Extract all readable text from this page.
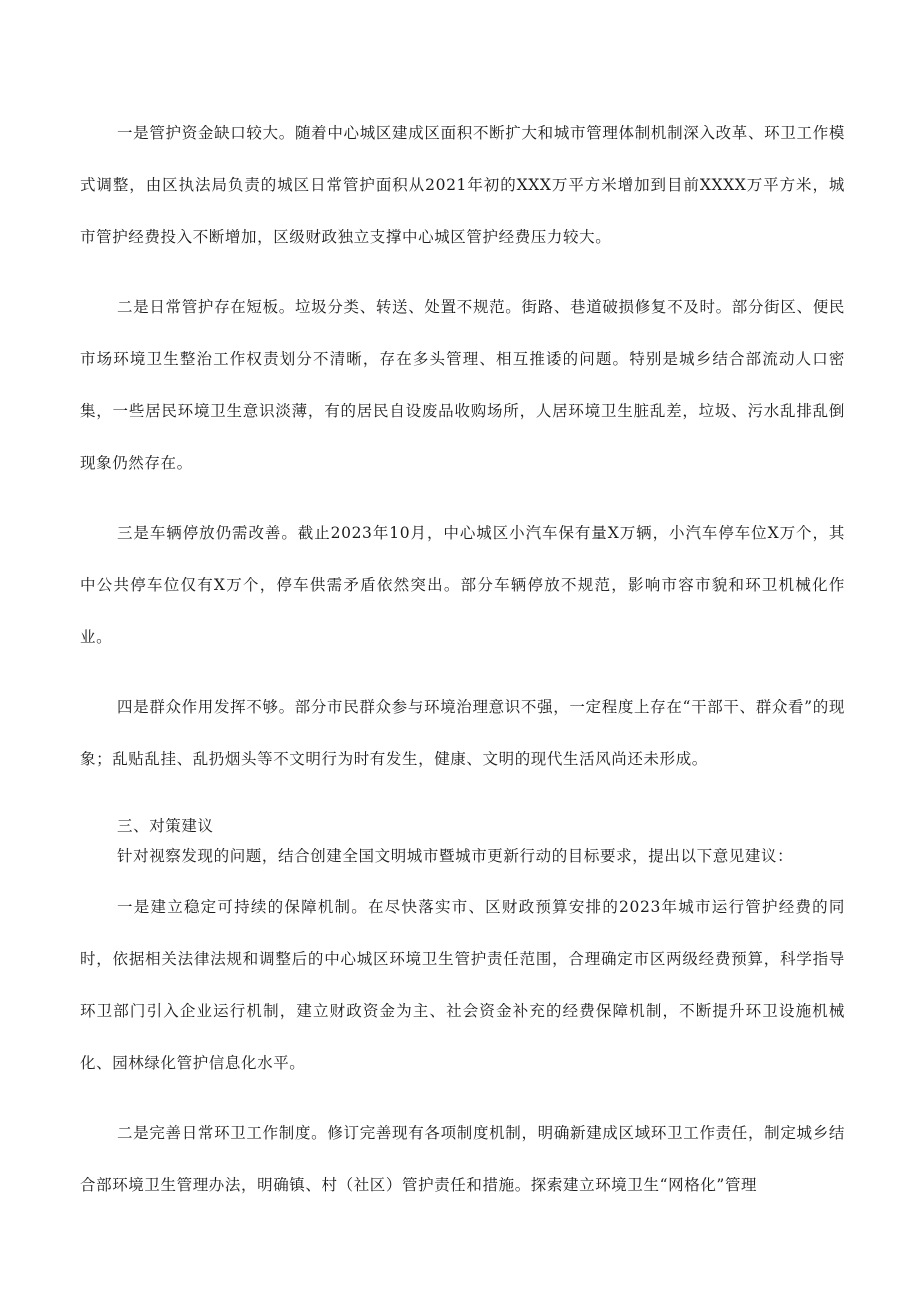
一是管护资金缺口较大。随着中心城区建成区面积不断扩大和城市管理体制机制深入改革、环卫工作模式调整，由区执法局负责的城区日常管护面积从2021年初的XXX万平方米增加到目前XXXX万平方米，城市管护经费投入不断增加，区级财政独立支撑中心城区管护经费压力较大。

二是日常管护存在短板。垃圾分类、转送、处置不规范。街路、巷道破损修复不及时。部分街区、便民市场环境卫生整治工作权责划分不清晰，存在多头管理、相互推诿的问题。特别是城乡结合部流动人口密集，一些居民环境卫生意识淡薄，有的居民自设废品收购场所，人居环境卫生脏乱差，垃圾、污水乱排乱倒现象仍然存在。

三是车辆停放仍需改善。截止2023年10月，中心城区小汽车保有量X万辆，小汽车停车位X万个，其中公共停车位仅有X万个，停车供需矛盾依然突出。部分车辆停放不规范，影响市容市貌和环卫机械化作业。

四是群众作用发挥不够。部分市民群众参与环境治理意识不强，一定程度上存在“干部干、群众看”的现象；乱贴乱挂、乱扔烟头等不文明行为时有发生，健康、文明的现代生活风尚还未形成。

三、对策建议

针对视察发现的问题，结合创建全国文明城市暨城市更新行动的目标要求，提出以下意见建议：

一是建立稳定可持续的保障机制。在尽快落实市、区财政预算安排的2023年城市运行管护经费的同时，依据相关法律法规和调整后的中心城区环境卫生管护责任范围，合理确定市区两级经费预算，科学指导环卫部门引入企业运行机制，建立财政资金为主、社会资金补充的经费保障机制，不断提升环卫设施机械化、园林绿化管护信息化水平。

二是完善日常环卫工作制度。修订完善现有各项制度机制，明确新建成区域环卫工作责任，制定城乡结合部环境卫生管理办法，明确镇、村（社区）管护责任和措施。探索建立环境卫生“网格化”管理
